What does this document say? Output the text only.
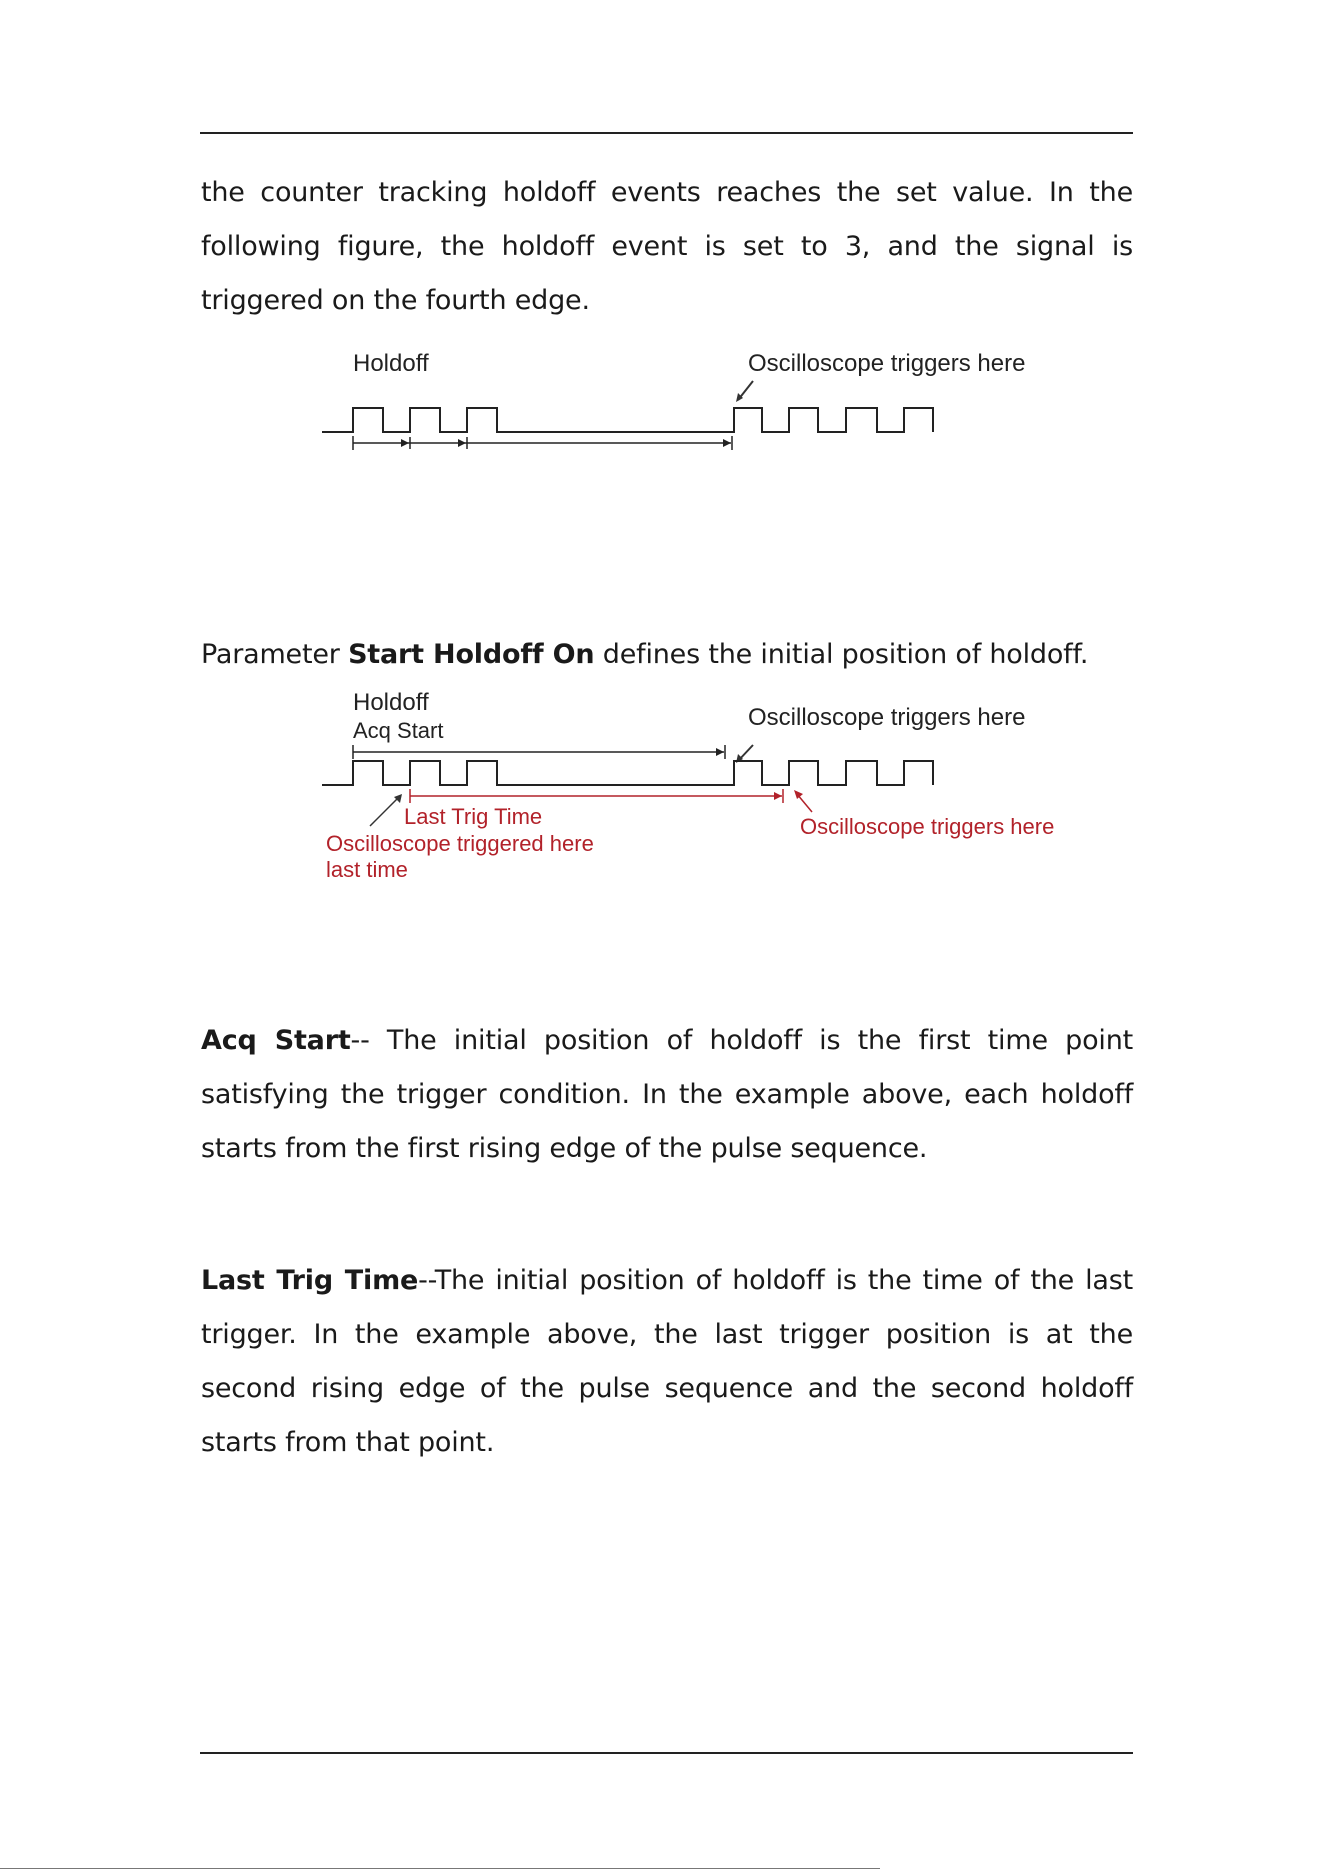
the counter tracking holdoff events reaches the set value. In the following figure, the holdoff event is set to 3, and the signal is triggered on the fourth edge.

Holdoff	Oscilloscope triggers here

Parameter Start Holdoff On defines the initial position of holdoff.

Holdoff
Acq Start	Oscilloscope triggers here
Last Trig Time
Oscilloscope triggered here
last time
Oscilloscope triggers here

Acq Start-- The initial position of holdoff is the first time point satisfying the trigger condition. In the example above, each holdoff starts from the first rising edge of the pulse sequence.

Last Trig Time--The initial position of holdoff is the time of the last trigger. In the example above, the last trigger position is at the second rising edge of the pulse sequence and the second holdoff starts from that point.
